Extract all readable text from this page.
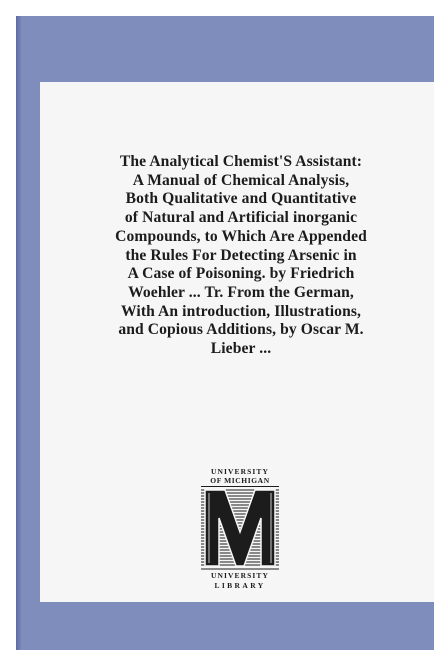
The Analytical Chemist'S Assistant:
A Manual of Chemical Analysis,
Both Qualitative and Quantitative
of Natural and Artificial inorganic
Compounds, to Which Are Appended
the Rules For Detecting Arsenic in
A Case of Poisoning. by Friedrich
Woehler ... Tr. From the German,
With An introduction, Illustrations,
and Copious Additions, by Oscar M.
Lieber ...
UNIVERSITY
OF MICHIGAN
UNIVERSITY
LIBRARY
